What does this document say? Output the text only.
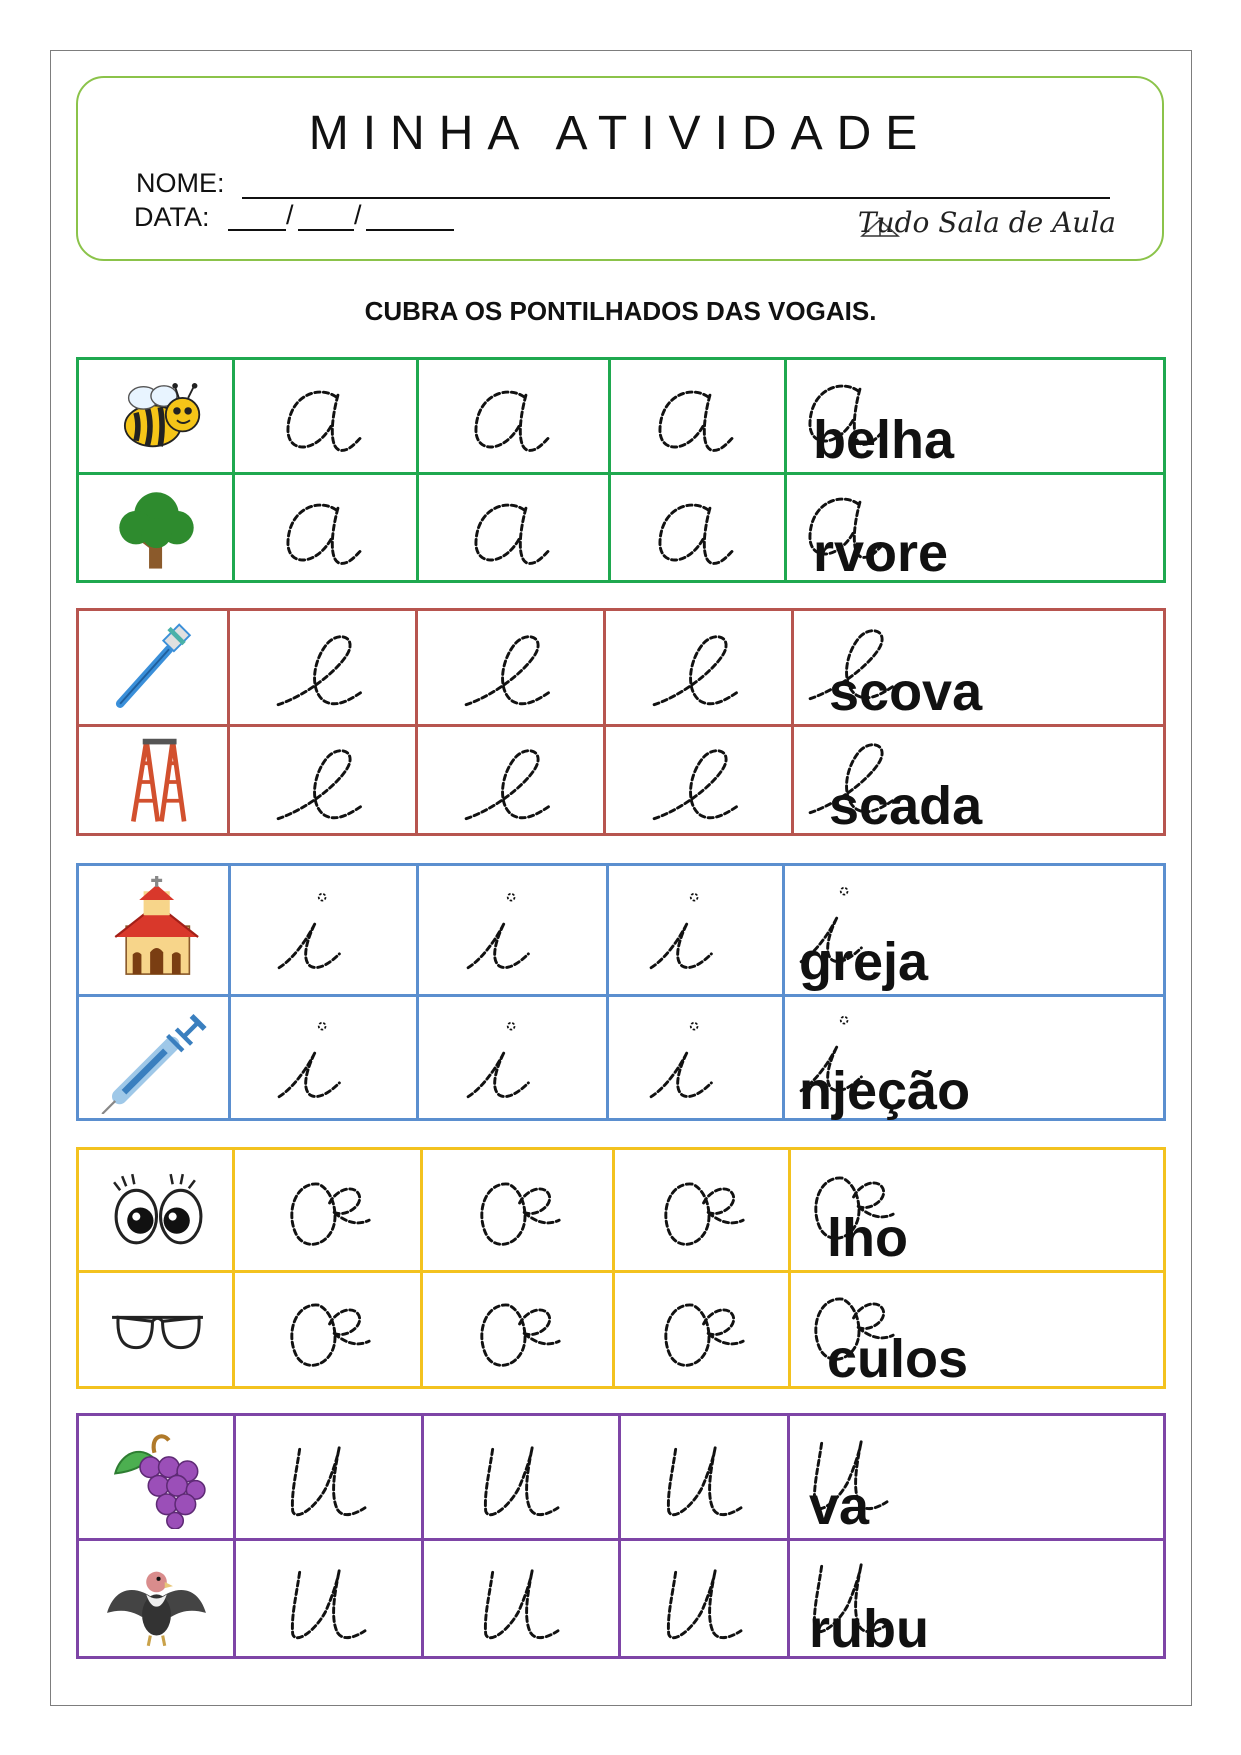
MINHA ATIVIDADE
NOME:
DATA:	/ /	Tudo Sala de Aula
CUBRA OS PONTILHADOS DAS VOGAIS.
belha
rvore
scova
scada
greja
njeção
lho
culos
va
rubu
